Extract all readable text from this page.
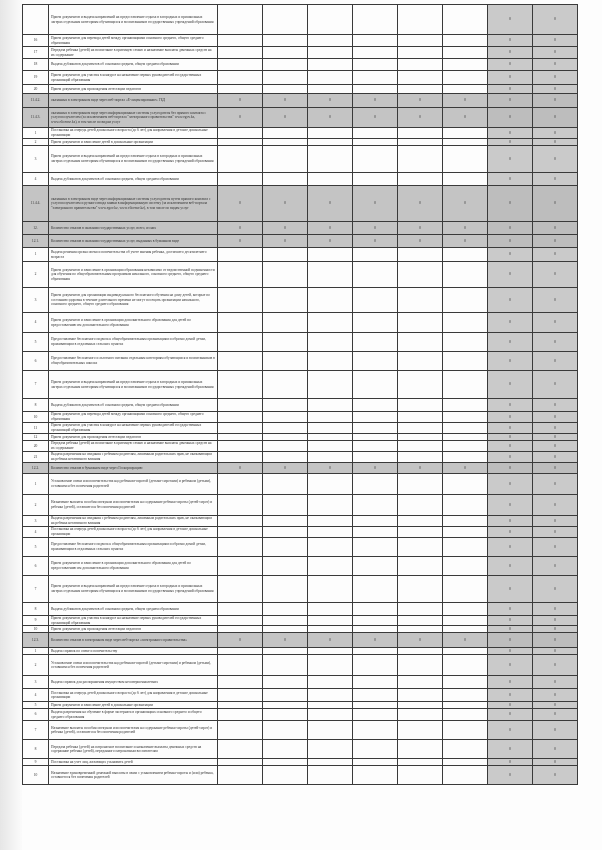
	Прием документов и выдача направлений на предоставление отдыха в загородных и пришкольных лагерях отдельным категориям обучающихся и воспитанников государственных учреждений образования							0	0
16	Прием документов для перевода детей между организациями основного среднего, общего среднего образования							0	0
17	Передача ребенка (детей) на воспитание в приемную семью и назначение выплаты денежных средств на их содержание							0	0
18	Выдача дубликатов документов об основном среднем, общем среднем образовании							0	0
19	Прием документов для участия в конкурсе на назначение первых руководителей государственных организаций образования							0	0
20	Прием документов для прохождения аттестации педагогов							0	0
11.4.2.	оказанных в электронном виде через веб-портал «Е-лицензирование» ГБД	0	0	0	0	0	0	0	0
11.4.3.	оказанных в электронном виде через информационные системы услугодателя без прямого контакта с услугополучателем (за исключением веб-портала "электронного правительства" www.egov.kz, www.elicense.kz), в том числе по видам услуг	0	0	0	0	0	0	0	0
1	Постановка на очередь детей дошкольного возраста (до 6 лет) для направления в детские дошкольные организации							0	0
2	Прием документов и зачисление детей в дошкольные организации							0	0
3	Прием документов и выдача направлений на предоставление отдыха в загородных и пришкольных лагерях отдельным категориям обучающихся и воспитанников государственных учреждений образования							0	0
4	Выдача дубликатов документов об основном среднем, общем среднем образовании							0	0
11.4.4.	оказанных в электронном виде через информационные системы услугодателя путем прямого контакта с услугополучателем и ручного ввода заявки в информационную систему (за исключением веб-портала "электронного правительства" www.egov.kz, www.elicense.kz), в том числе по видам услуг	0	0	0	0	0	0	0	0
12.	Количество отказов в оказании государственных услуг, всего, из них	0	0	0	0	0	0	0	0
12.1.	Количество отказов в оказании государственных услуг, выданных в бумажном виде	0	0	0	0	0	0	0	0
1	Выдача решения органа опеки и попечительства об учете мнения ребенка, достигшего десятилетнего возраста							0	0
2	Прием документов и зачисление в организации образования независимо от ведомственной подчиненности для обучения по общеобразовательным программам начального, основного среднего, общего среднего образования							0	0
3	Прием документов для организации индивидуального бесплатного обучения на дому детей, которые по состоянию здоровья в течение длительного времени не могут посещать организации начального, основного среднего, общего среднего образования							0	0
4	Прием документов и зачисление в организации дополнительного образования для детей по предоставлению им дополнительного образования							0	0
5	Предоставление бесплатного подвоза к общеобразовательным организациям и обратно домой детям, проживающим в отдаленных сельских пунктах							0	0
6	Предоставление бесплатного и льготного питания отдельным категориям обучающихся и воспитанников в общеобразовательных школах							0	0
7	Прием документов и выдача направлений на предоставление отдыха в загородных и пришкольных лагерях отдельным категориям обучающихся и воспитанников государственных учреждений образования							0	0
8	Выдача дубликатов документов об основном среднем, общем среднем образовании							0	0
10	Прием документов для перевода детей между организациями основного среднего, общего среднего образования							0	0
11	Прием документов для участия в конкурсе на назначение первых руководителей государственных организаций образования							0	0
12	Прием документов для прохождения аттестации педагогов							0	0
20	Передача ребенка (детей) на воспитание в приемную семью и назначение выплаты денежных средств на их содержание							0	0
21	Выдача разрешения на свидания с ребенком родителям, лишенным родительских прав, не оказывающим на ребенка негативного влияния							0	0
12.2.	Количество отказов в бумажном виде через Госкорпорацию	0	0	0	0	0	0	0	0
1	Установление опеки или попечительства над ребенком-сиротой (детьми-сиротами) и ребенком (детьми), оставшимся без попечения родителей							0	0
2	Назначение выплаты пособия опекунам или попечителям на содержание ребенка-сироты (детей-сирот) и ребенка (детей), оставшегося без попечения родителей							0	0
3	Выдача разрешения на свидания с ребенком родителям, лишенным родительских прав, не оказывающим на ребенка негативного влияния							0	0
4	Постановка на очередь детей дошкольного возраста (до 6 лет) для направления в детские дошкольные организации							0	0
5	Предоставление бесплатного подвоза к общеобразовательным организациям и обратно домой детям, проживающим в отдаленных сельских пунктах							0	0
6	Прием документов и зачисление в организации дополнительного образования для детей по предоставлению им дополнительного образования							0	0
7	Прием документов и выдача направлений на предоставление отдыха в загородных и пришкольных лагерях отдельным категориям обучающихся и воспитанников государственных учреждений образования							0	0
8	Выдача дубликатов документов об основном среднем, общем среднем образовании							0	0
9	Прием документов для участия в конкурсе на назначение первых руководителей государственных организаций образования							0	0
10	Прием документов для прохождения аттестации педагогов							0	0
12.3.	Количество отказов в электронном виде через веб-портал «электронного правительства»	0	0	0	0	0	0	0	0
1	Выдача справок по опеке и попечительству							0	0
2	Установление опеки или попечительства над ребенком-сиротой (детьми-сиротами) и ребенком (детьми), оставшимся без попечения родителей							0	0
3	Выдача справок для распоряжения имуществом несовершеннолетних							0	0
4	Постановка на очередь детей дошкольного возраста (до 6 лет) для направления в детские дошкольные организации							0	0
5	Прием документов и зачисление детей в дошкольные организации							0	0
6	Выдача разрешения на обучение в форме экстерната в организациях основного среднего и общего среднего образования							0	0
7	Назначение выплаты пособия опекунам или попечителям на содержание ребенка-сироты (детей-сирот) и ребенка (детей), оставшегося без попечения родителей							0	0
8	Передача ребенка (детей) на патронатное воспитание и назначение выплаты денежных средств на содержание ребенка (детей), переданного патронатным воспитателям							0	0
9	Постановка на учет лиц, желающих усыновить детей							0	0
10	Назначение единовременной денежной выплаты в связи с усыновлением ребенка-сироты и (или) ребенка, оставшегося без попечения родителей							0	0
